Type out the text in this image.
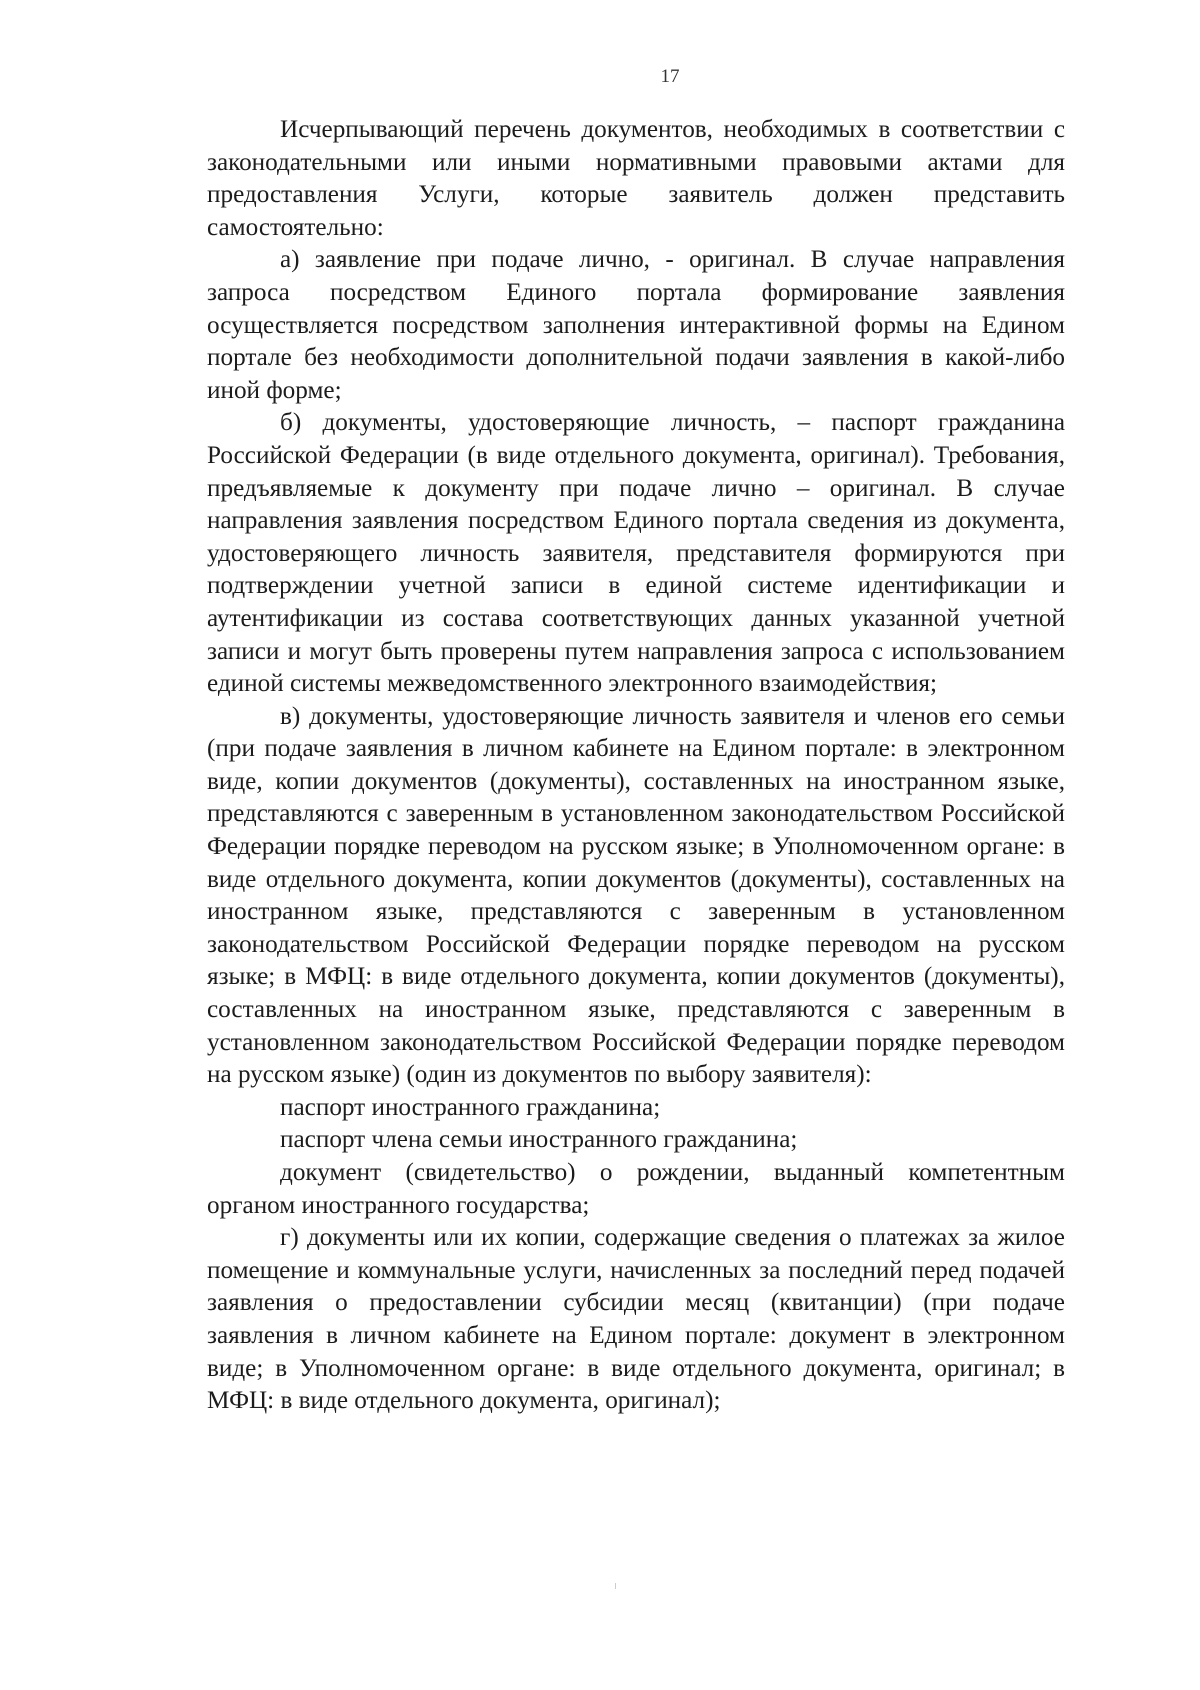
17

Исчерпывающий перечень документов, необходимых в соответствии с законодательными или иными нормативными правовыми актами для предоставления Услуги, которые заявитель должен представить самостоятельно:

а) заявление при подаче лично, - оригинал. В случае направления запроса посредством Единого портала формирование заявления осуществляется посредством заполнения интерактивной формы на Едином портале без необходимости дополнительной подачи заявления в какой-либо иной форме;

б) документы, удостоверяющие личность, – паспорт гражданина Российской Федерации (в виде отдельного документа, оригинал). Требования, предъявляемые к документу при подаче лично – оригинал. В случае направления заявления посредством Единого портала сведения из документа, удостоверяющего личность заявителя, представителя формируются при подтверждении учетной записи в единой системе идентификации и аутентификации из состава соответствующих данных указанной учетной записи и могут быть проверены путем направления запроса с использованием единой системы межведомственного электронного взаимодействия;

в) документы, удостоверяющие личность заявителя и членов его семьи (при подаче заявления в личном кабинете на Едином портале: в электронном виде, копии документов (документы), составленных на иностранном языке, представляются с заверенным в установленном законодательством Российской Федерации порядке переводом на русском языке; в Уполномоченном органе: в виде отдельного документа, копии документов (документы), составленных на иностранном языке, представляются с заверенным в установленном законодательством Российской Федерации порядке переводом на русском языке; в МФЦ: в виде отдельного документа, копии документов (документы), составленных на иностранном языке, представляются с заверенным в установленном законодательством Российской Федерации порядке переводом на русском языке) (один из документов по выбору заявителя):

паспорт иностранного гражданина;

паспорт члена семьи иностранного гражданина;

документ (свидетельство) о рождении, выданный компетентным органом иностранного государства;

г) документы или их копии, содержащие сведения о платежах за жилое помещение и коммунальные услуги, начисленных за последний перед подачей заявления о предоставлении субсидии месяц (квитанции) (при подаче заявления в личном кабинете на Едином портале: документ в электронном виде; в Уполномоченном органе: в виде отдельного документа, оригинал; в МФЦ: в виде отдельного документа, оригинал);
